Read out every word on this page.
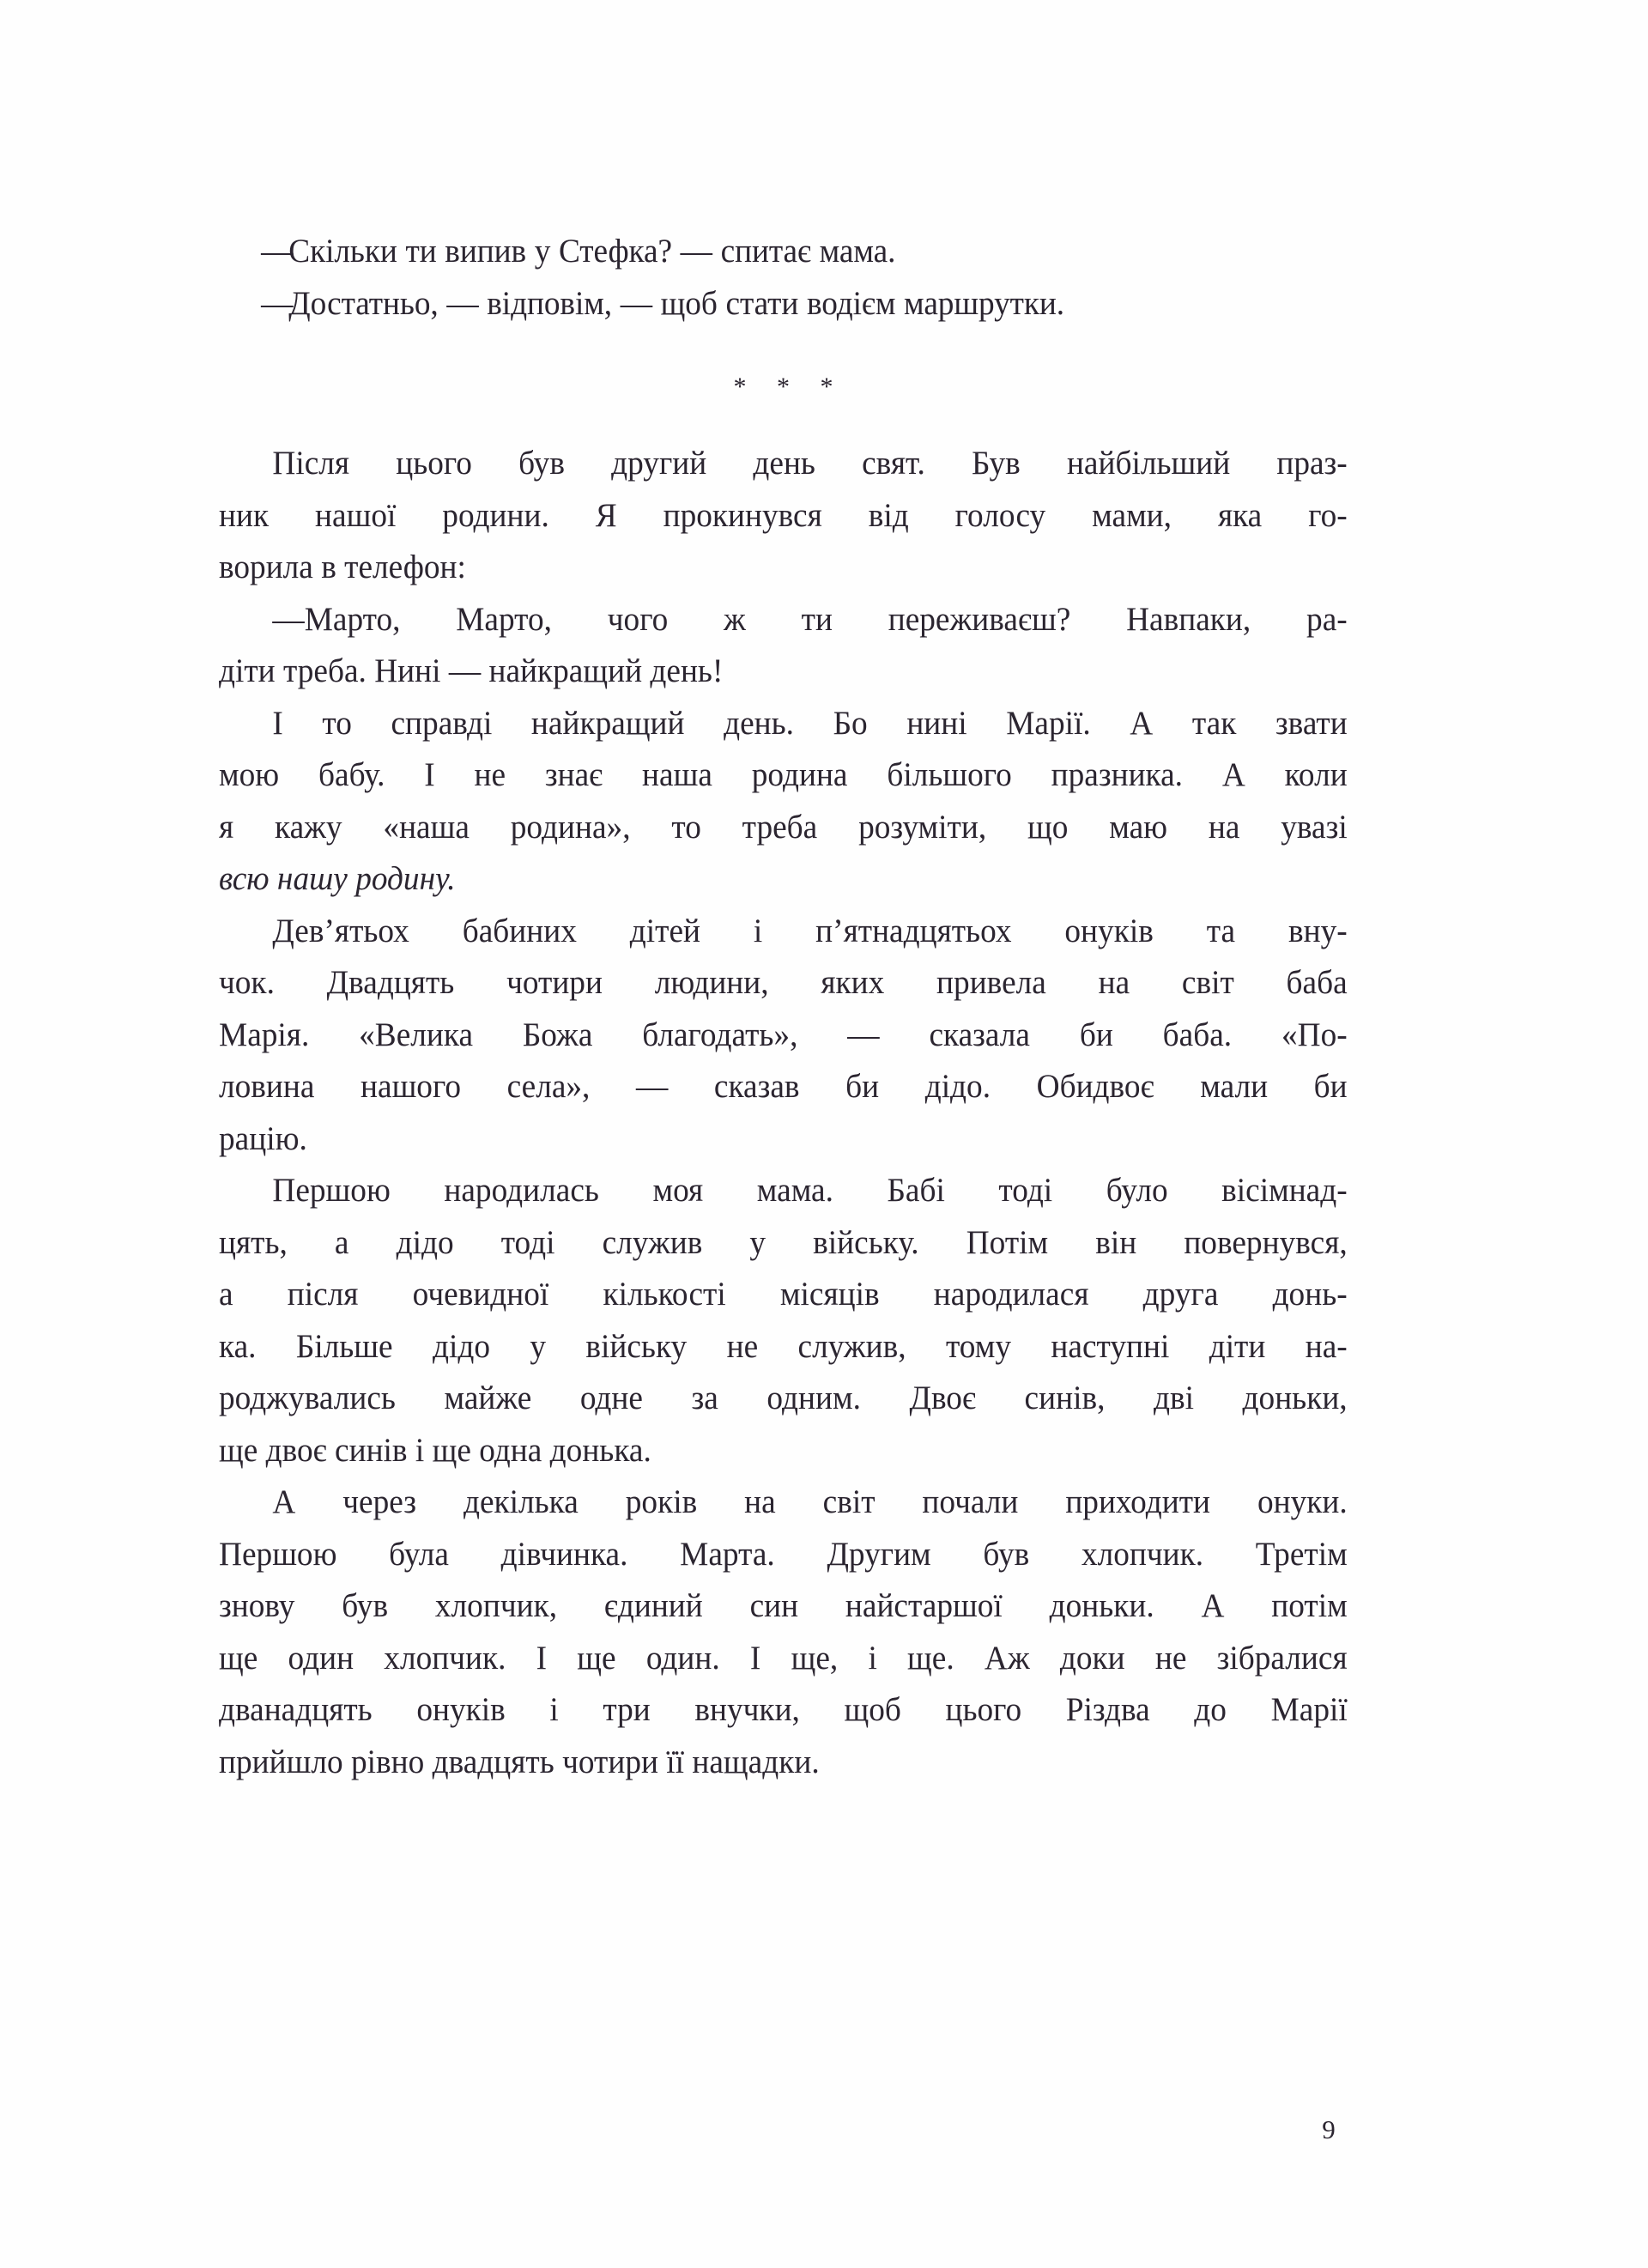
—Скільки ти випив у Стефка? — спитає мама.
—Достатньо, — відповім, — щоб стати водієм маршрутки.
* * *
Після цього був другий день свят. Був найбільший праз-
ник нашої родини. Я прокинувся від голосу мами, яка го-
ворила в телефон:
—Марто, Марто, чого ж ти переживаєш? Навпаки, ра-
діти треба. Нині — найкращий день!
І то справді найкращий день. Бо нині Марії. А так звати
мою бабу. І не знає наша родина більшого празника. А коли
я кажу «наша родина», то треба розуміти, що маю на увазі
всю нашу родину.
Дев’ятьох бабиних дітей і п’ятнадцятьох онуків та вну-
чок. Двадцять чотири людини, яких привела на світ баба
Марія. «Велика Божа благодать», — сказала би баба. «По-
ловина нашого села», — сказав би дідо. Обидвоє мали би
рацію.
Першою народилась моя мама. Бабі тоді було вісімнад-
цять, а дідо тоді служив у війську. Потім він повернувся,
а після очевидної кількості місяців народилася друга донь-
ка. Більше дідо у війську не служив, тому наступні діти на-
роджувались майже одне за одним. Двоє синів, дві доньки,
ще двоє синів і ще одна донька.
А через декілька років на світ почали приходити онуки.
Першою була дівчинка. Марта. Другим був хлопчик. Третім
знову був хлопчик, єдиний син найстаршої доньки. А потім
ще один хлопчик. І ще один. І ще, і ще. Аж доки не зібралися
дванадцять онуків і три внучки, щоб цього Різдва до Марії
прийшло рівно двадцять чотири її нащадки.
9
